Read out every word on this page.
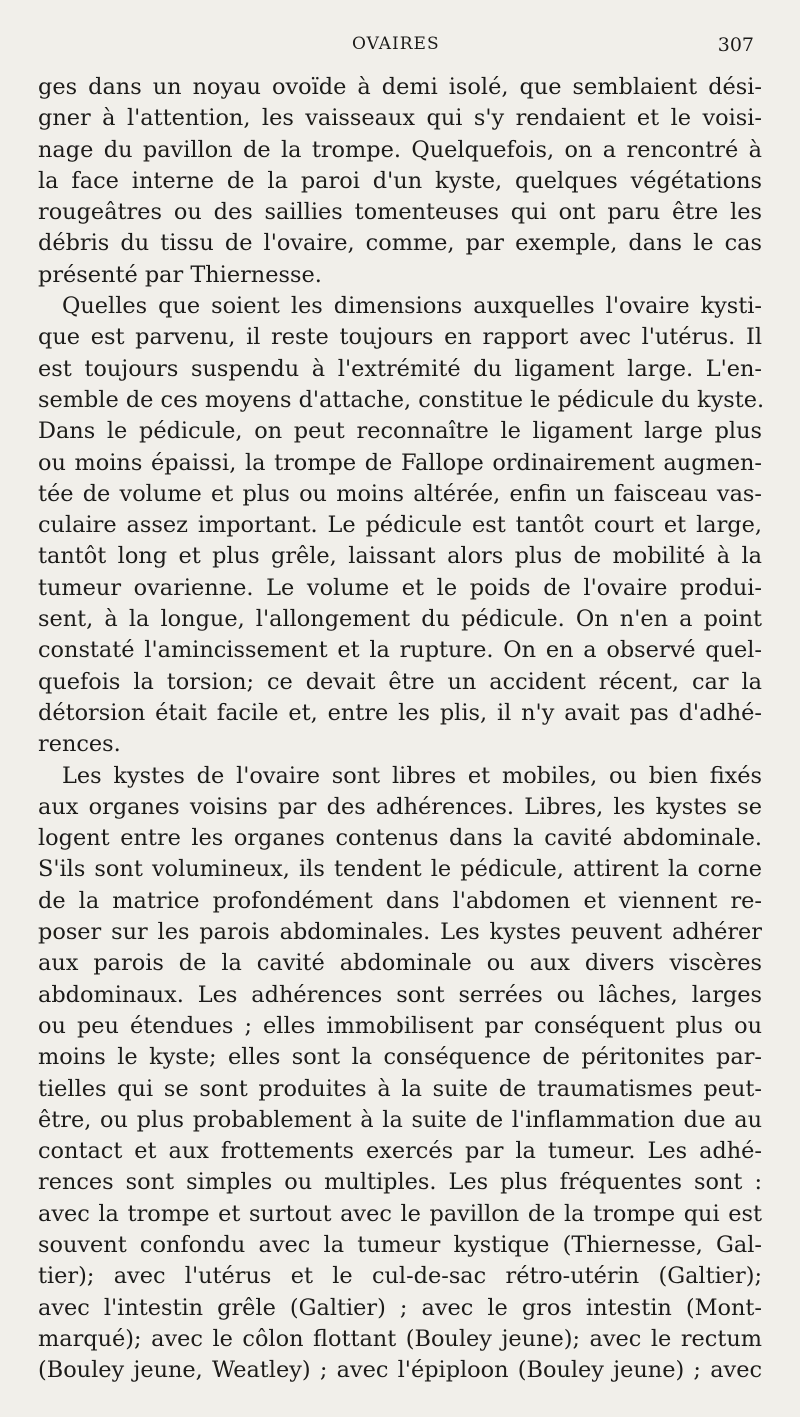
OVAIRES	307
ges dans un noyau ovoïde à demi isolé, que semblaient dési-
gner à l'attention, les vaisseaux qui s'y rendaient et le voisi-
nage du pavillon de la trompe. Quelquefois, on a rencontré à
la face interne de la paroi d'un kyste, quelques végétations
rougeâtres ou des saillies tomenteuses qui ont paru être les
débris du tissu de l'ovaire, comme, par exemple, dans le cas
présenté par Thiernesse.
Quelles que soient les dimensions auxquelles l'ovaire kysti-
que est parvenu, il reste toujours en rapport avec l'utérus. Il
est toujours suspendu à l'extrémité du ligament large. L'en-
semble de ces moyens d'attache, constitue le pédicule du kyste.
Dans le pédicule, on peut reconnaître le ligament large plus
ou moins épaissi, la trompe de Fallope ordinairement augmen-
tée de volume et plus ou moins altérée, enfin un faisceau vas-
culaire assez important. Le pédicule est tantôt court et large,
tantôt long et plus grêle, laissant alors plus de mobilité à la
tumeur ovarienne. Le volume et le poids de l'ovaire produi-
sent, à la longue, l'allongement du pédicule. On n'en a point
constaté l'amincissement et la rupture. On en a observé quel-
quefois la torsion; ce devait être un accident récent, car la
détorsion était facile et, entre les plis, il n'y avait pas d'adhé-
rences.
Les kystes de l'ovaire sont libres et mobiles, ou bien fixés
aux organes voisins par des adhérences. Libres, les kystes se
logent entre les organes contenus dans la cavité abdominale.
S'ils sont volumineux, ils tendent le pédicule, attirent la corne
de la matrice profondément dans l'abdomen et viennent re-
poser sur les parois abdominales. Les kystes peuvent adhérer
aux parois de la cavité abdominale ou aux divers viscères
abdominaux. Les adhérences sont serrées ou lâches, larges
ou peu étendues ; elles immobilisent par conséquent plus ou
moins le kyste; elles sont la conséquence de péritonites par-
tielles qui se sont produites à la suite de traumatismes peut-
être, ou plus probablement à la suite de l'inflammation due au
contact et aux frottements exercés par la tumeur. Les adhé-
rences sont simples ou multiples. Les plus fréquentes sont :
avec la trompe et surtout avec le pavillon de la trompe qui est
souvent confondu avec la tumeur kystique (Thiernesse, Gal-
tier); avec l'utérus et le cul-de-sac rétro-utérin (Galtier);
avec l'intestin grêle (Galtier) ; avec le gros intestin (Mont-
marqué); avec le côlon flottant (Bouley jeune); avec le rectum
(Bouley jeune, Weatley) ; avec l'épiploon (Bouley jeune) ; avec
